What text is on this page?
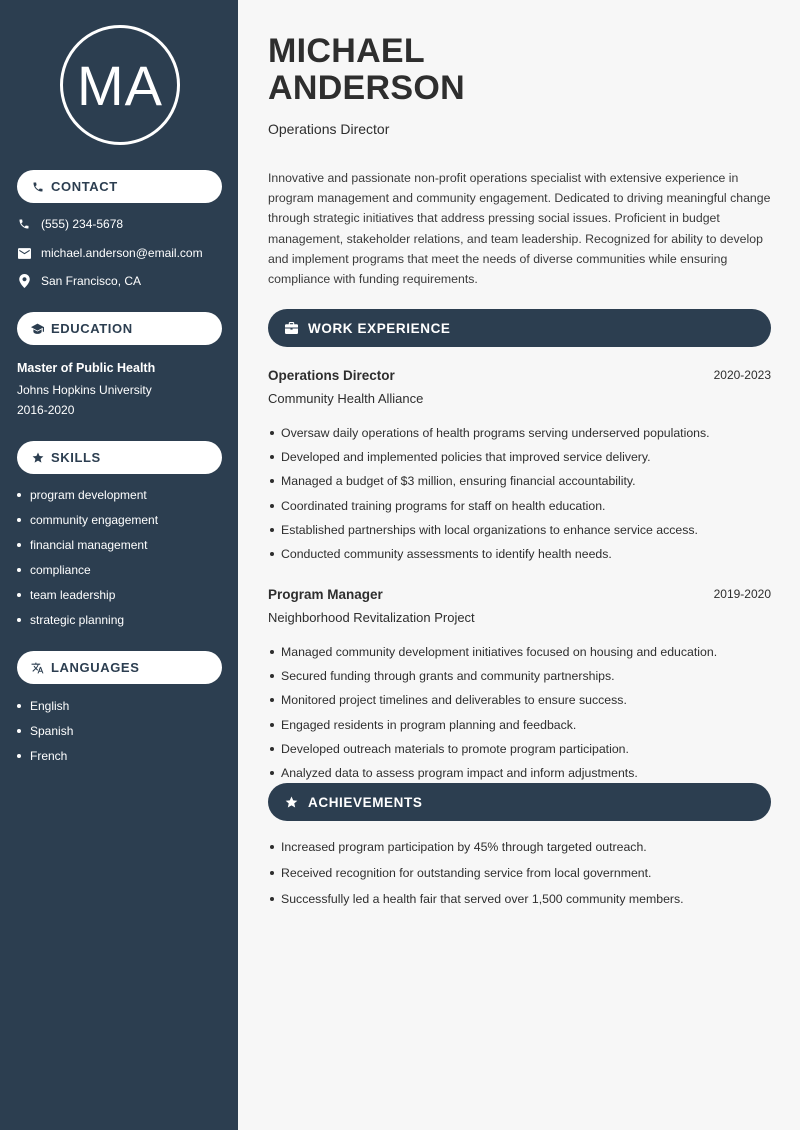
MA
CONTACT
(555) 234-5678
michael.anderson@email.com
San Francisco, CA
EDUCATION
Master of Public Health
Johns Hopkins University
2016-2020
SKILLS
program development
community engagement
financial management
compliance
team leadership
strategic planning
LANGUAGES
English
Spanish
French
MICHAEL
ANDERSON
Operations Director

Innovative and passionate non-profit operations specialist with extensive experience in program management and community engagement. Dedicated to driving meaningful change through strategic initiatives that address pressing social issues. Proficient in budget management, stakeholder relations, and team leadership. Recognized for ability to develop and implement programs that meet the needs of diverse communities while ensuring compliance with funding requirements.

WORK EXPERIENCE
Operations Director	2020-2023
Community Health Alliance
Oversaw daily operations of health programs serving underserved populations.
Developed and implemented policies that improved service delivery.
Managed a budget of $3 million, ensuring financial accountability.
Coordinated training programs for staff on health education.
Established partnerships with local organizations to enhance service access.
Conducted community assessments to identify health needs.
Program Manager	2019-2020
Neighborhood Revitalization Project
Managed community development initiatives focused on housing and education.
Secured funding through grants and community partnerships.
Monitored project timelines and deliverables to ensure success.
Engaged residents in program planning and feedback.
Developed outreach materials to promote program participation.
Analyzed data to assess program impact and inform adjustments.
ACHIEVEMENTS
Increased program participation by 45% through targeted outreach.
Received recognition for outstanding service from local government.
Successfully led a health fair that served over 1,500 community members.
